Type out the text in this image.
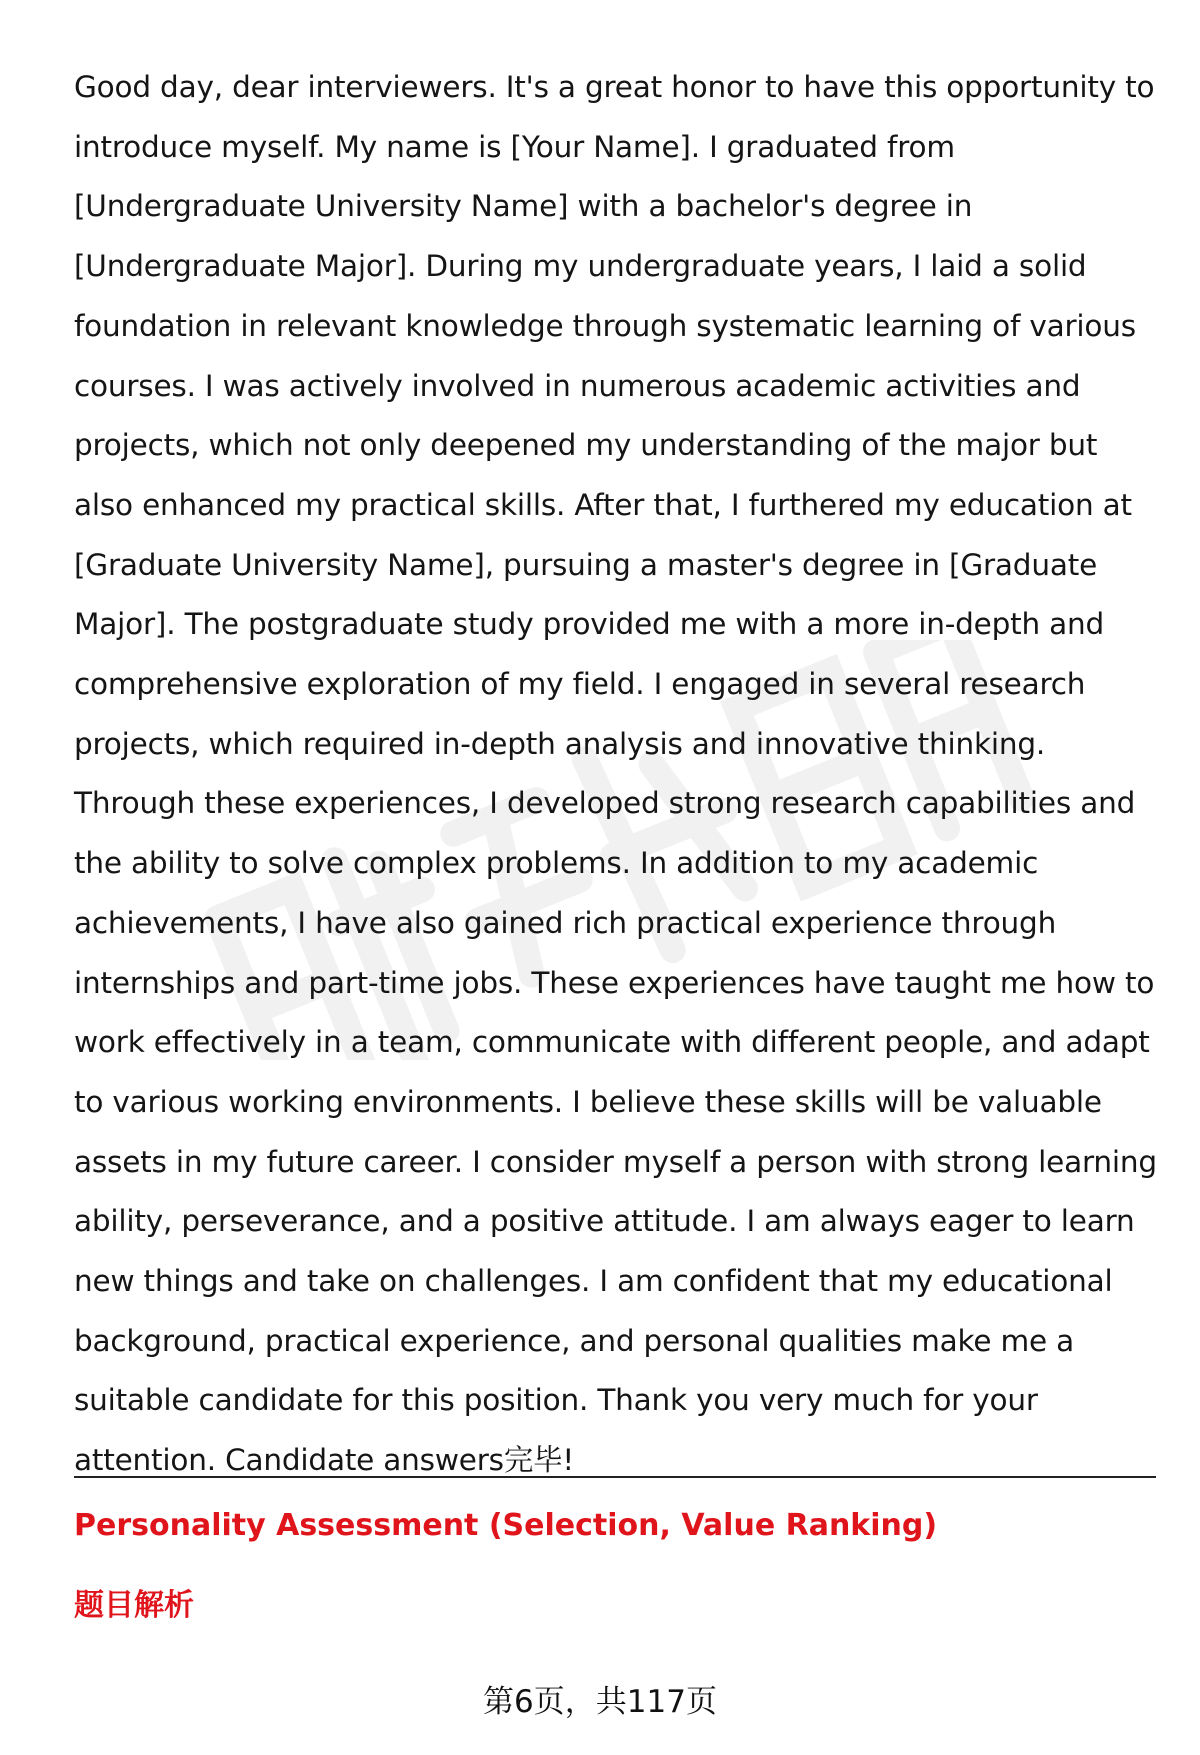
Good day, dear interviewers. It's a great honor to have this opportunity to introduce myself. My name is [Your Name]. I graduated from [Undergraduate University Name] with a bachelor's degree in [Undergraduate Major]. During my undergraduate years, I laid a solid foundation in relevant knowledge through systematic learning of various courses. I was actively involved in numerous academic activities and projects, which not only deepened my understanding of the major but also enhanced my practical skills. After that, I furthered my education at [Graduate University Name], pursuing a master's degree in [Graduate Major]. The postgraduate study provided me with a more in-depth and comprehensive exploration of my field. I engaged in several research projects, which required in-depth analysis and innovative thinking. Through these experiences, I developed strong research capabilities and the ability to solve complex problems. In addition to my academic achievements, I have also gained rich practical experience through internships and part-time jobs. These experiences have taught me how to work effectively in a team, communicate with different people, and adapt to various working environments. I believe these skills will be valuable assets in my future career. I consider myself a person with strong learning ability, perseverance, and a positive attitude. I am always eager to learn new things and take on challenges. I am confident that my educational background, practical experience, and personal qualities make me a suitable candidate for this position. Thank you very much for your attention. Candidate answers完毕!

Personality Assessment (Selection, Value Ranking)
题目解析
第6页，共117页
